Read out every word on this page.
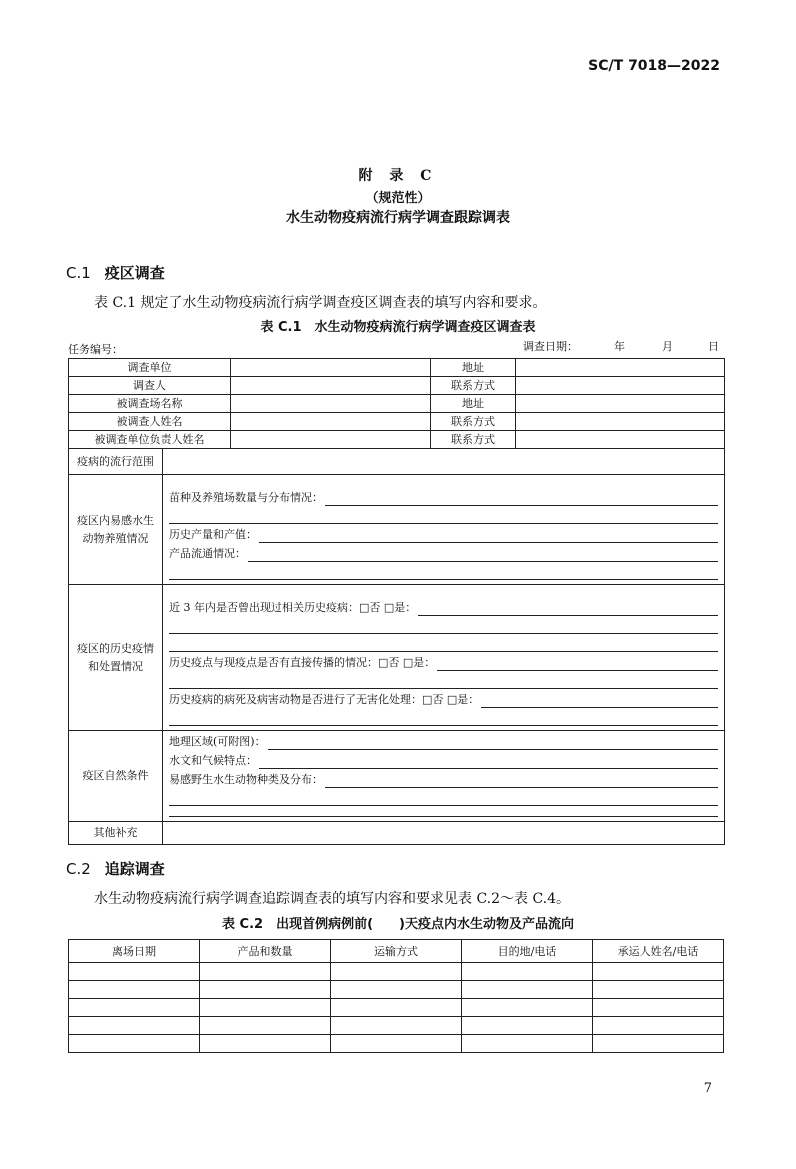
SC/T 7018—2022
附 录 C
（规范性）
水生动物疫病流行病学调查跟踪调表
C.1 疫区调查
表 C.1 规定了水生动物疫病流行病学调查疫区调查表的填写内容和要求。
表 C.1　水生动物疫病流行病学调查疫区调查表
任务编号：	调查日期：	年	月	日
调查单位			地址	
调查人			联系方式	
被调查场名称			地址	
被调查人姓名			联系方式	
被调查单位负责人姓名			联系方式	
疫病的流行范围				
疫区内易感水生动物养殖情况	苗种及养殖场数量与分布情况：
历史产量和产值：
产品流通情况：			

疫区的历史疫情和处置情况	近 3 年内是否曾出现过相关历史疫病：□否 □是：
历史疫点与现疫点是否有直接传播的情况：□否 □是：
历史疫病的病死及病害动物是否进行了无害化处理：□否 □是：			

疫区自然条件	地理区域(可附图)：
水文和气候特点：
易感野生水生动物种类及分布：			

其他补充				
C.2 追踪调查
水生动物疫病流行病学调查追踪调查表的填写内容和要求见表 C.2～表 C.4。
表 C.2　出现首例病例前(　　)天疫点内水生动物及产品流向
离场日期	产品和数量	运输方式	目的地/电话	承运人姓名/电话

7
